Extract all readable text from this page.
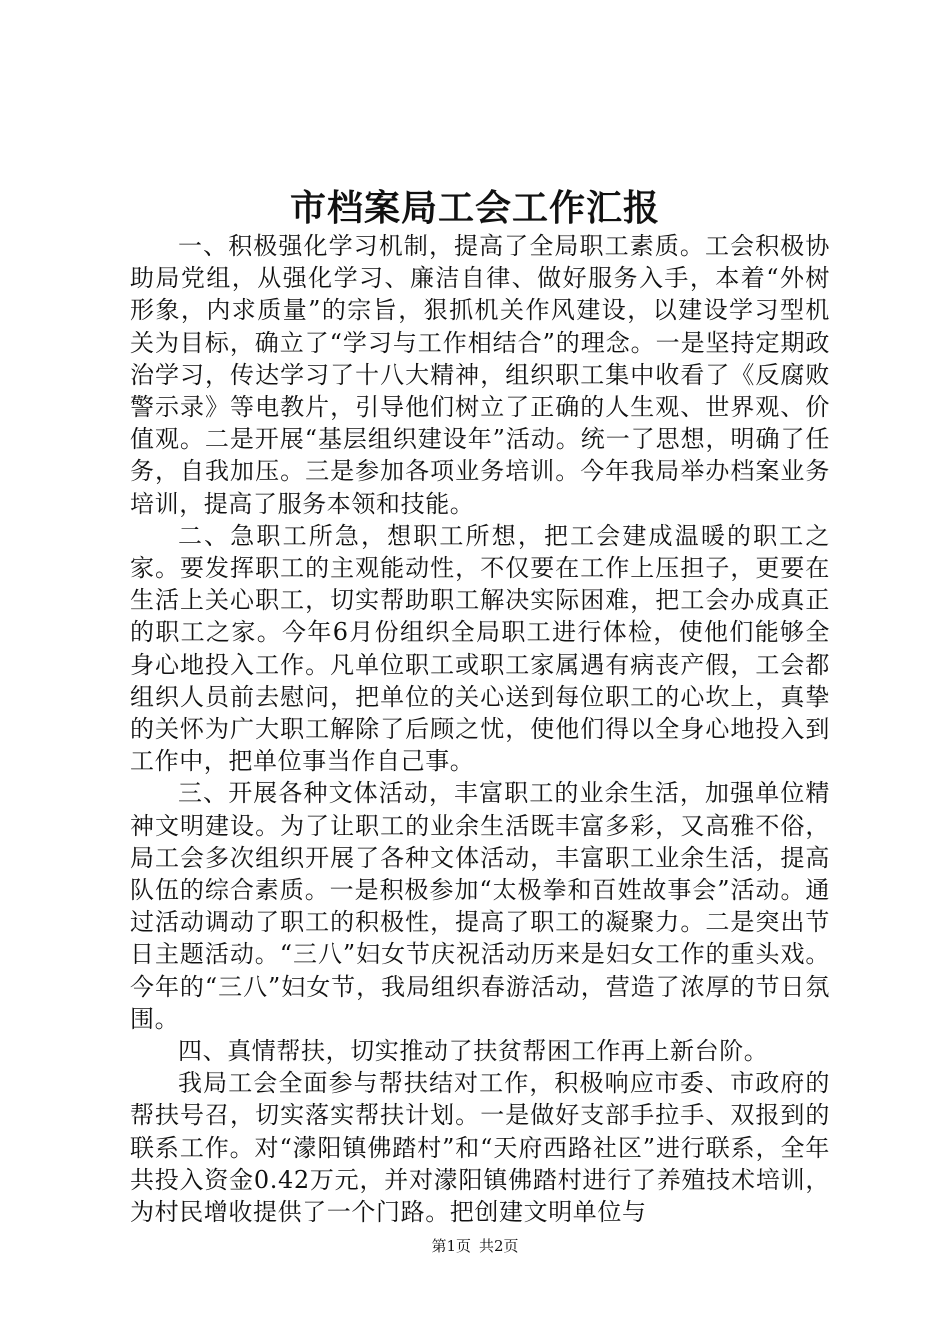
市档案局工会工作汇报

一、积极强化学习机制，提高了全局职工素质。工会积极协助局党组，从强化学习、廉洁自律、做好服务入手，本着“外树形象，内求质量”的宗旨，狠抓机关作风建设，以建设学习型机关为目标，确立了“学习与工作相结合”的理念。一是坚持定期政治学习，传达学习了十八大精神，组织职工集中收看了《反腐败警示录》等电教片，引导他们树立了正确的人生观、世界观、价值观。二是开展“基层组织建设年”活动。统一了思想，明确了任务，自我加压。三是参加各项业务培训。今年我局举办档案业务培训，提高了服务本领和技能。

二、急职工所急，想职工所想，把工会建成温暖的职工之家。要发挥职工的主观能动性，不仅要在工作上压担子，更要在生活上关心职工，切实帮助职工解决实际困难，把工会办成真正的职工之家。今年6月份组织全局职工进行体检，使他们能够全身心地投入工作。凡单位职工或职工家属遇有病丧产假，工会都组织人员前去慰问，把单位的关心送到每位职工的心坎上，真挚的关怀为广大职工解除了后顾之忧，使他们得以全身心地投入到工作中，把单位事当作自己事。

三、开展各种文体活动，丰富职工的业余生活，加强单位精神文明建设。为了让职工的业余生活既丰富多彩，又高雅不俗，局工会多次组织开展了各种文体活动，丰富职工业余生活，提高队伍的综合素质。一是积极参加“太极拳和百姓故事会”活动。通过活动调动了职工的积极性，提高了职工的凝聚力。二是突出节日主题活动。“三八”妇女节庆祝活动历来是妇女工作的重头戏。今年的“三八”妇女节，我局组织春游活动，营造了浓厚的节日氛围。

四、真情帮扶，切实推动了扶贫帮困工作再上新台阶。

我局工会全面参与帮扶结对工作，积极响应市委、市政府的帮扶号召，切实落实帮扶计划。一是做好支部手拉手、双报到的联系工作。对“濛阳镇佛踏村”和“天府西路社区”进行联系，全年共投入资金0.42万元，并对濛阳镇佛踏村进行了养殖技术培训，为村民增收提供了一个门路。把创建文明单位与

第1页 共2页
